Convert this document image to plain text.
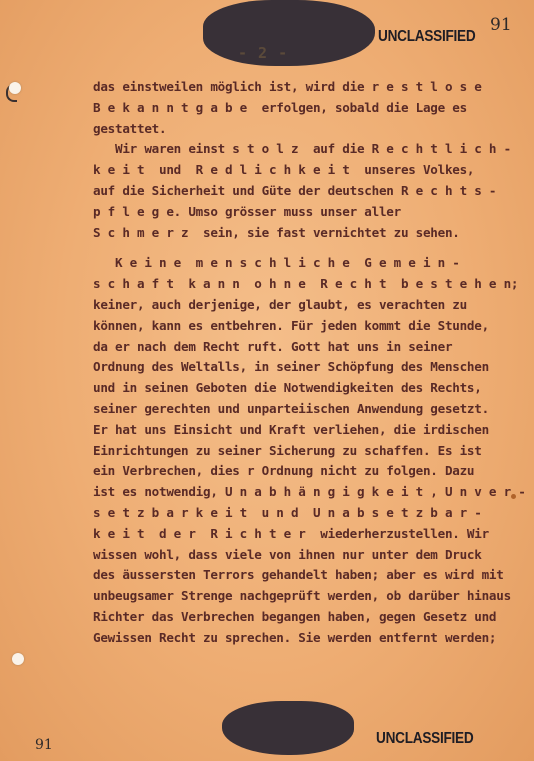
- 2 -
UNCLASSIFIED
91
das einstweilen möglich ist, wird die r e s t l o s e
B e k a n n t g a b e  erfolgen, sobald die Lage es
gestattet.
Wir waren einst s t o l z  auf die R e c h t l i c h -
k e i t  und  R e d l i c h k e i t  unseres Volkes,
auf die Sicherheit und Güte der deutschen R e c h t s -
p f l e g e. Umso grösser muss unser aller
S c h m e r z  sein, sie fast vernichtet zu sehen.
K e i n e  m e n s c h l i c h e  G e m e i n -
s c h a f t  k a n n  o h n e  R e c h t  b e s t e h e n;
keiner, auch derjenige, der glaubt, es verachten zu
können, kann es entbehren. Für jeden kommt die Stunde,
da er nach dem Recht ruft. Gott hat uns in seiner
Ordnung des Weltalls, in seiner Schöpfung des Menschen
und in seinen Geboten die Notwendigkeiten des Rechts,
seiner gerechten und unparteiischen Anwendung gesetzt.
Er hat uns Einsicht und Kraft verliehen, die irdischen
Einrichtungen zu seiner Sicherung zu schaffen. Es ist
ein Verbrechen, dies r Ordnung nicht zu folgen. Dazu
ist es notwendig, U n a b h ä n g i g k e i t , U n v e r -
s e t z b a r k e i t  u n d  U n a b s e t z b a r -
k e i t  d e r  R i c h t e r  wiederherzustellen. Wir
wissen wohl, dass viele von ihnen nur unter dem Druck
des äussersten Terrors gehandelt haben; aber es wird mit
unbeugsamer Strenge nachgeprüft werden, ob darüber hinaus
Richter das Verbrechen begangen haben, gegen Gesetz und
Gewissen Recht zu sprechen. Sie werden entfernt werden;
UNCLASSIFIED
91
